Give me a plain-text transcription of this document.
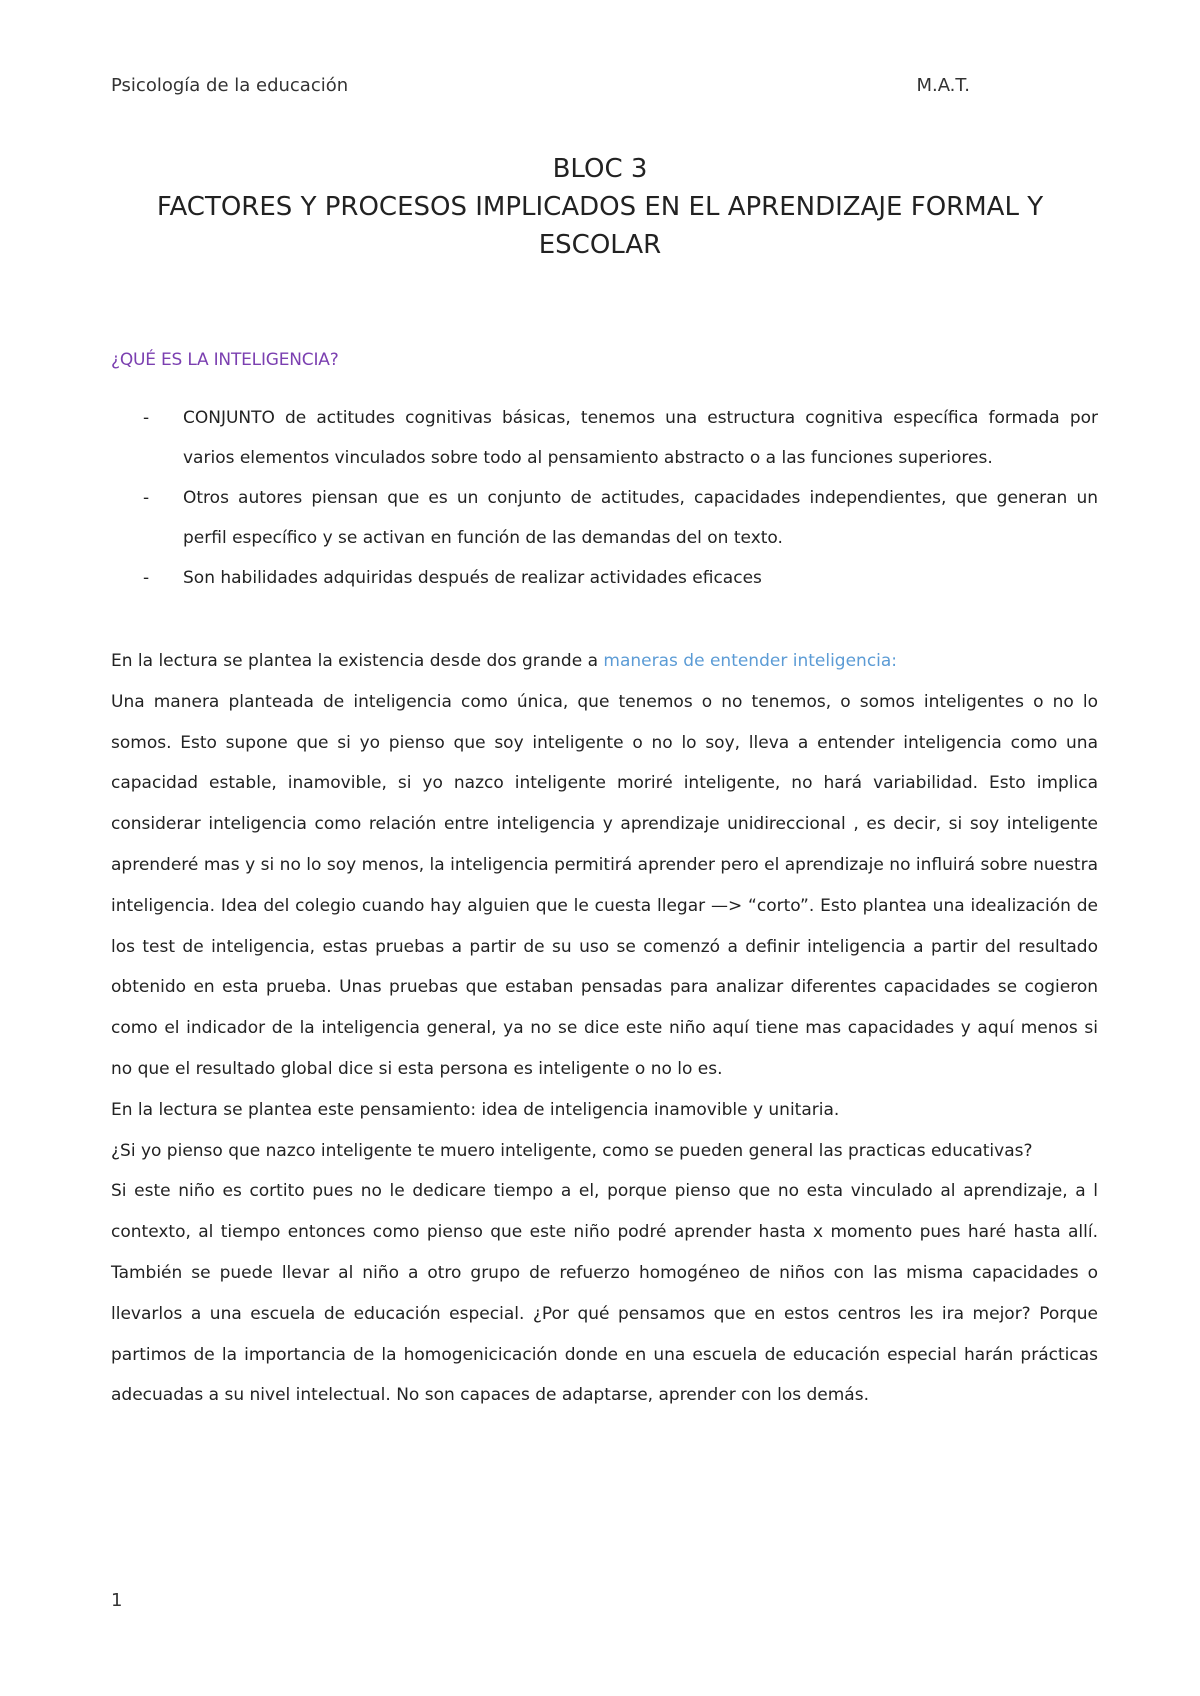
Psicología de la educación	M.A.T.
BLOC 3
FACTORES Y PROCESOS IMPLICADOS EN EL APRENDIZAJE FORMAL Y
ESCOLAR
¿QUÉ ES LA INTELIGENCIA?
- CONJUNTO de actitudes cognitivas básicas, tenemos una estructura cognitiva específica formada por varios elementos vinculados sobre todo al pensamiento abstracto o a las funciones superiores.
- Otros autores piensan que es un conjunto de actitudes, capacidades independientes, que generan un perfil específico y se activan en función de las demandas del on texto.
- Son habilidades adquiridas después de realizar actividades eficaces

En la lectura se plantea la existencia desde dos grande a maneras de entender inteligencia:

Una manera planteada de inteligencia como única, que tenemos o no tenemos, o somos inteligentes o no lo somos. Esto supone que si yo pienso que soy inteligente o no lo soy, lleva a entender inteligencia como una capacidad estable, inamovible, si yo nazco inteligente moriré inteligente, no hará variabilidad. Esto implica considerar inteligencia como relación entre inteligencia y aprendizaje unidireccional , es decir, si soy inteligente aprenderé mas y si no lo soy menos, la inteligencia permitirá aprender pero el aprendizaje no influirá sobre nuestra inteligencia. Idea del colegio cuando hay alguien que le cuesta llegar —> “corto”. Esto plantea una idealización de los test de inteligencia, estas pruebas a partir de su uso se comenzó a definir inteligencia a partir del resultado obtenido en esta prueba. Unas pruebas que estaban pensadas para analizar diferentes capacidades se cogieron como el indicador de la inteligencia general, ya no se dice este niño aquí tiene mas capacidades y aquí menos si no que el resultado global dice si esta persona es inteligente o no lo es.

En la lectura se plantea este pensamiento: idea de inteligencia inamovible y unitaria.

¿Si yo pienso que nazco inteligente te muero inteligente, como se pueden general las practicas educativas?

Si este niño es cortito pues no le dedicare tiempo a el, porque pienso que no esta vinculado al aprendizaje, a l contexto, al tiempo entonces como pienso que este niño podré aprender hasta x momento pues haré hasta allí. También se puede llevar al niño a otro grupo de refuerzo homogéneo de niños con las misma capacidades o llevarlos a una escuela de educación especial. ¿Por qué pensamos que en estos centros les ira mejor? Porque partimos de la importancia de la homogenicicación donde en una escuela de educación especial harán prácticas adecuadas a su nivel intelectual. No son capaces de adaptarse, aprender con los demás.

1
